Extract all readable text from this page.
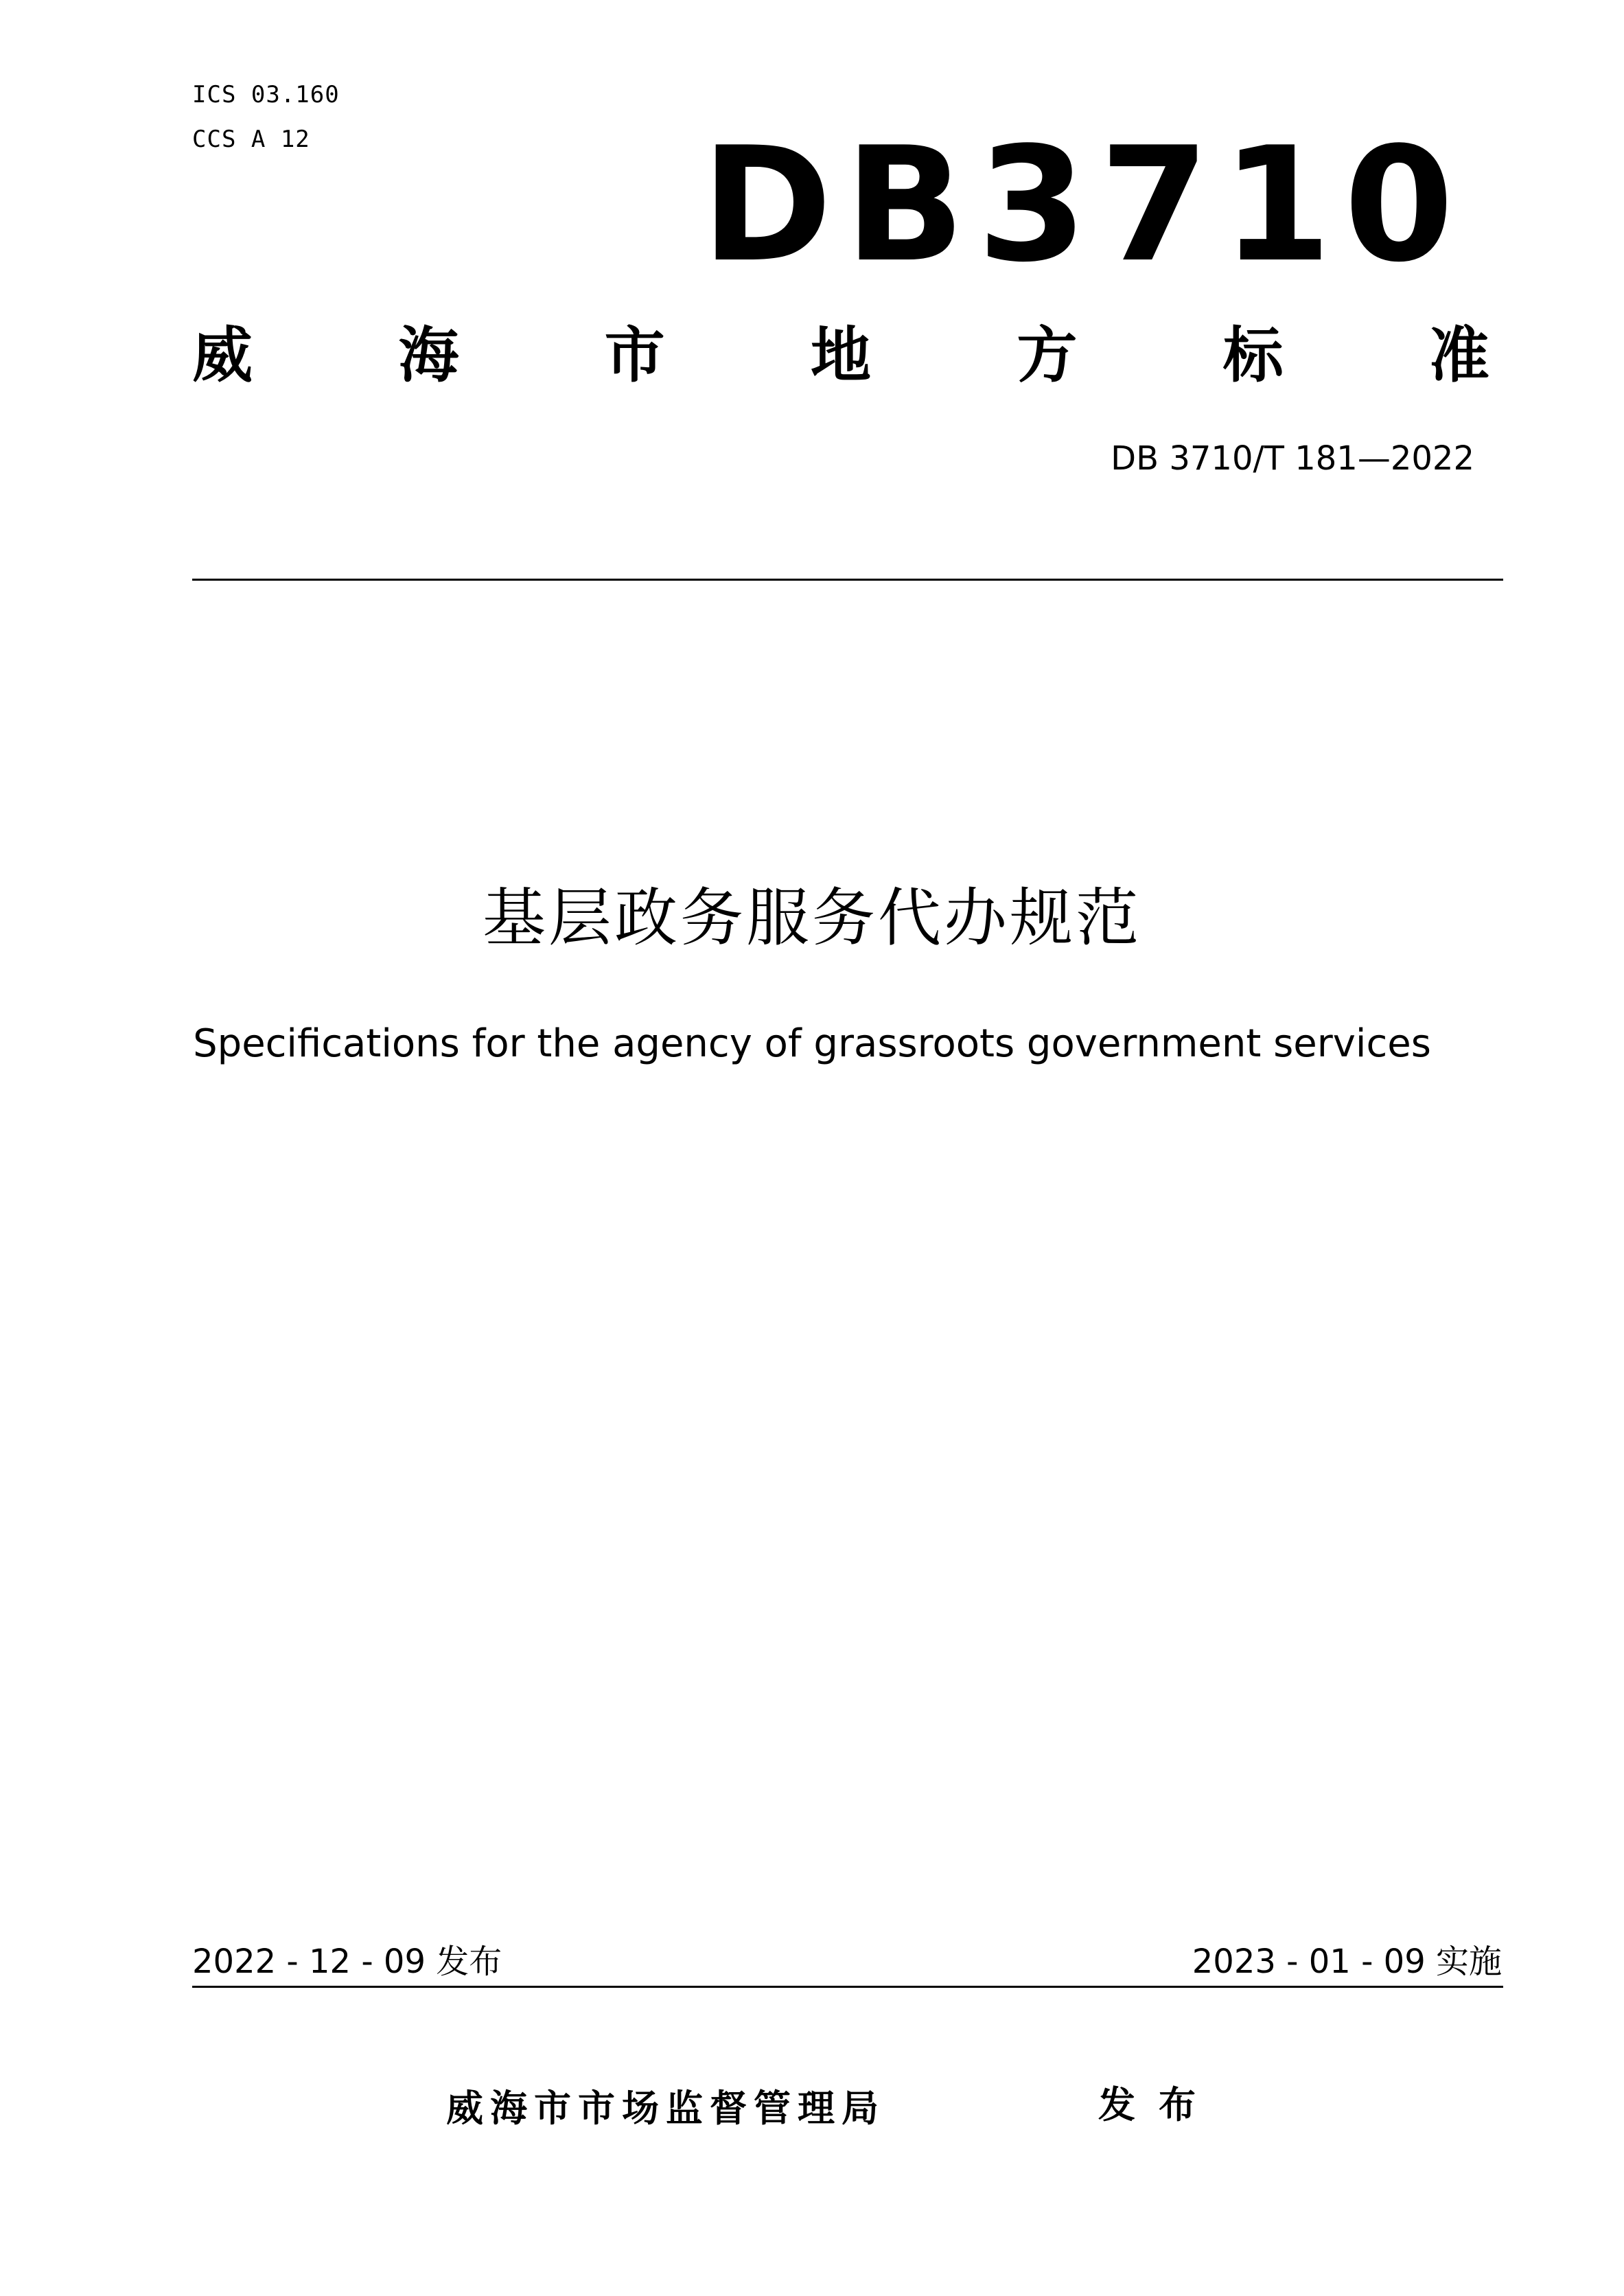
ICS 03.160
CCS A 12 DB3710
威 海 市 地 方 标 准
DB 3710/T 181—2022
基层政务服务代办规范
Specifications for the agency of grassroots government services
2022 - 12 - 09 发布	2023 - 01 - 09 实施
威海市市场监督管理局	发布
